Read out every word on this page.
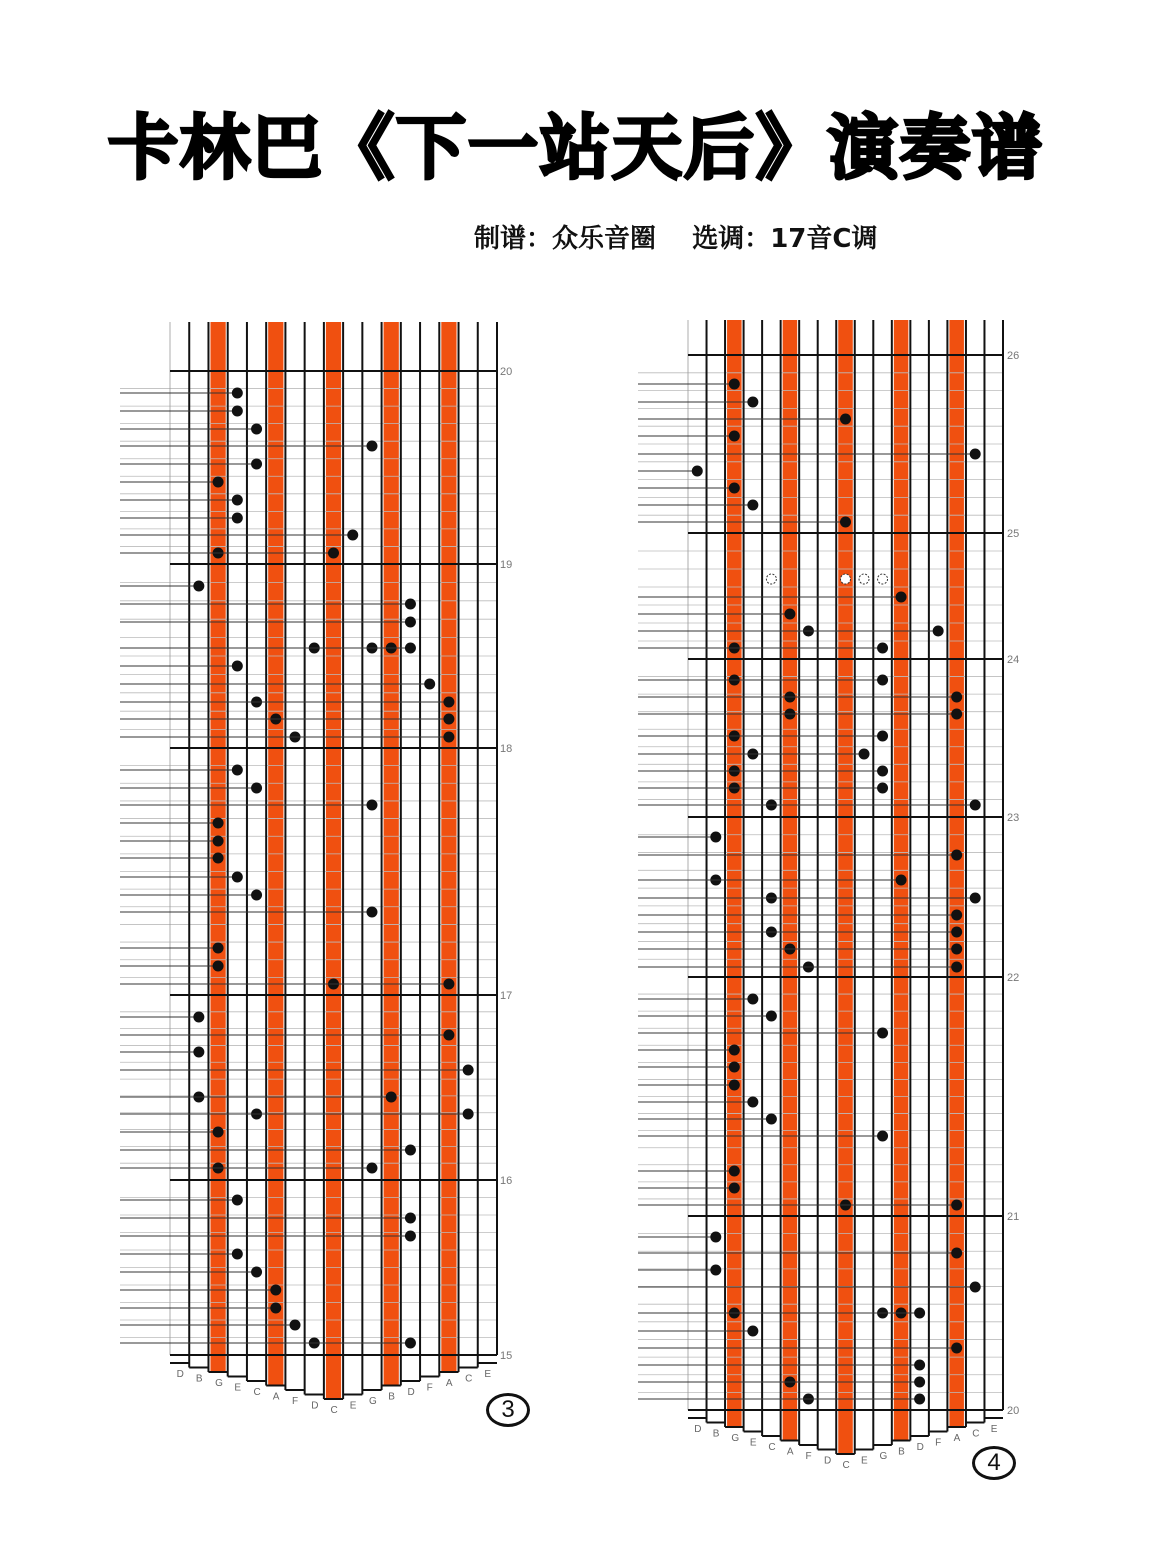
卡林巴《下一站天后》演奏谱
制谱：众乐音圈    选调：17音C调
20
19
18
17
16
15
D B G E C A F D C E G B D F A C E
3
26
25
24
23
22
21
20
D B G E C A F D C E G B D F A C E
4
